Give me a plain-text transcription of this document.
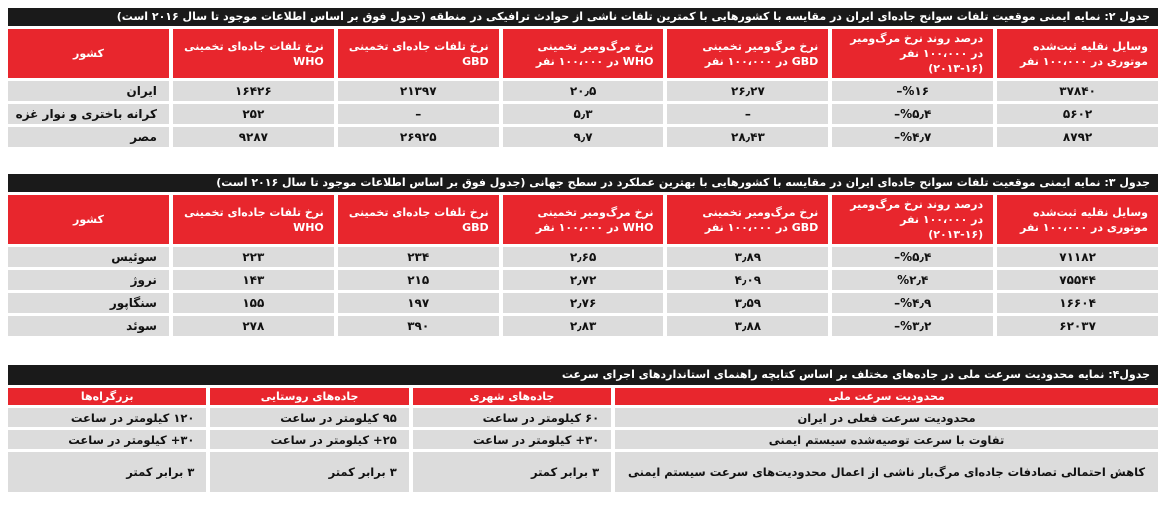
جدول ۲: نمایه ایمنی موقعیت تلفات سوانح جاده‌ای ایران در مقایسه با کشورهایی با کمترین تلفات ناشی از حوادث ترافیکی در منطقه (جدول فوق بر اساس اطلاعات موجود تا سال ۲۰۱۶ است)
وسایل نقلیه ثبت‌شده موتوری در ۱۰۰،۰۰۰ نفر	درصد روند نرخ مرگ‌ومیر در ۱۰۰،۰۰۰ نفر (۱۶-۲۰۱۳)	نرخ مرگ‌ومیر تخمینی GBD در ۱۰۰،۰۰۰ نفر	نرخ مرگ‌ومیر تخمینی WHO در ۱۰۰،۰۰۰ نفر	نرخ تلفات جاده‌ای تخمینی GBD	نرخ تلفات جاده‌ای تخمینی WHO	کشور
۳۷۸۴۰	%۱۶–	۲۶٫۲۷	۲۰٫۵	۲۱۳۹۷	۱۶۴۲۶	ایران
۵۶۰۲	%۵٫۴–	–	۵٫۳	–	۲۵۲	کرانه باختری و نوار غزه
۸۷۹۲	%۴٫۷–	۲۸٫۴۳	۹٫۷	۲۶۹۲۵	۹۲۸۷	مصر
جدول ۳: نمایه ایمنی موقعیت تلفات سوانح جاده‌ای ایران در مقایسه با کشورهایی با بهترین عملکرد در سطح جهانی (جدول فوق بر اساس اطلاعات موجود تا سال ۲۰۱۶ است)
وسایل نقلیه ثبت‌شده موتوری در ۱۰۰،۰۰۰ نفر	درصد روند نرخ مرگ‌ومیر در ۱۰۰،۰۰۰ نفر (۱۶-۲۰۱۳)	نرخ مرگ‌ومیر تخمینی GBD در ۱۰۰،۰۰۰ نفر	نرخ مرگ‌ومیر تخمینی WHO در ۱۰۰،۰۰۰ نفر	نرخ تلفات جاده‌ای تخمینی GBD	نرخ تلفات جاده‌ای تخمینی WHO	کشور
۷۱۱۸۲	%۵٫۴–	۳٫۸۹	۲٫۶۵	۲۳۴	۲۲۳	سوئیس
۷۵۵۴۴	%۲٫۴	۴٫۰۹	۲٫۷۲	۲۱۵	۱۴۳	نروژ
۱۶۶۰۴	%۴٫۹–	۳٫۵۹	۲٫۷۶	۱۹۷	۱۵۵	سنگاپور
۶۲۰۳۷	%۳٫۲–	۳٫۸۸	۲٫۸۳	۳۹۰	۲۷۸	سوئد
جدول۴: نمایه محدودیت سرعت ملی در جاده‌های مختلف بر اساس کتابچه راهنمای استانداردهای اجرای سرعت
محدودیت سرعت ملی	جاده‌های شهری	جاده‌های روستایی	بزرگراه‌ها
محدودیت سرعت فعلی در ایران	۶۰ کیلومتر در ساعت	۹۵ کیلومتر در ساعت	۱۲۰ کیلومتر در ساعت
تفاوت با سرعت توصیه‌شده سیستم ایمنی	۳۰+ کیلومتر در ساعت	۲۵+ کیلومتر در ساعت	۳۰+ کیلومتر در ساعت
کاهش احتمالی تصادفات جاده‌ای مرگ‌بار ناشی از اعمال محدودیت‌های سرعت سیستم ایمنی	۳ برابر کمتر	۳ برابر کمتر	۳ برابر کمتر
